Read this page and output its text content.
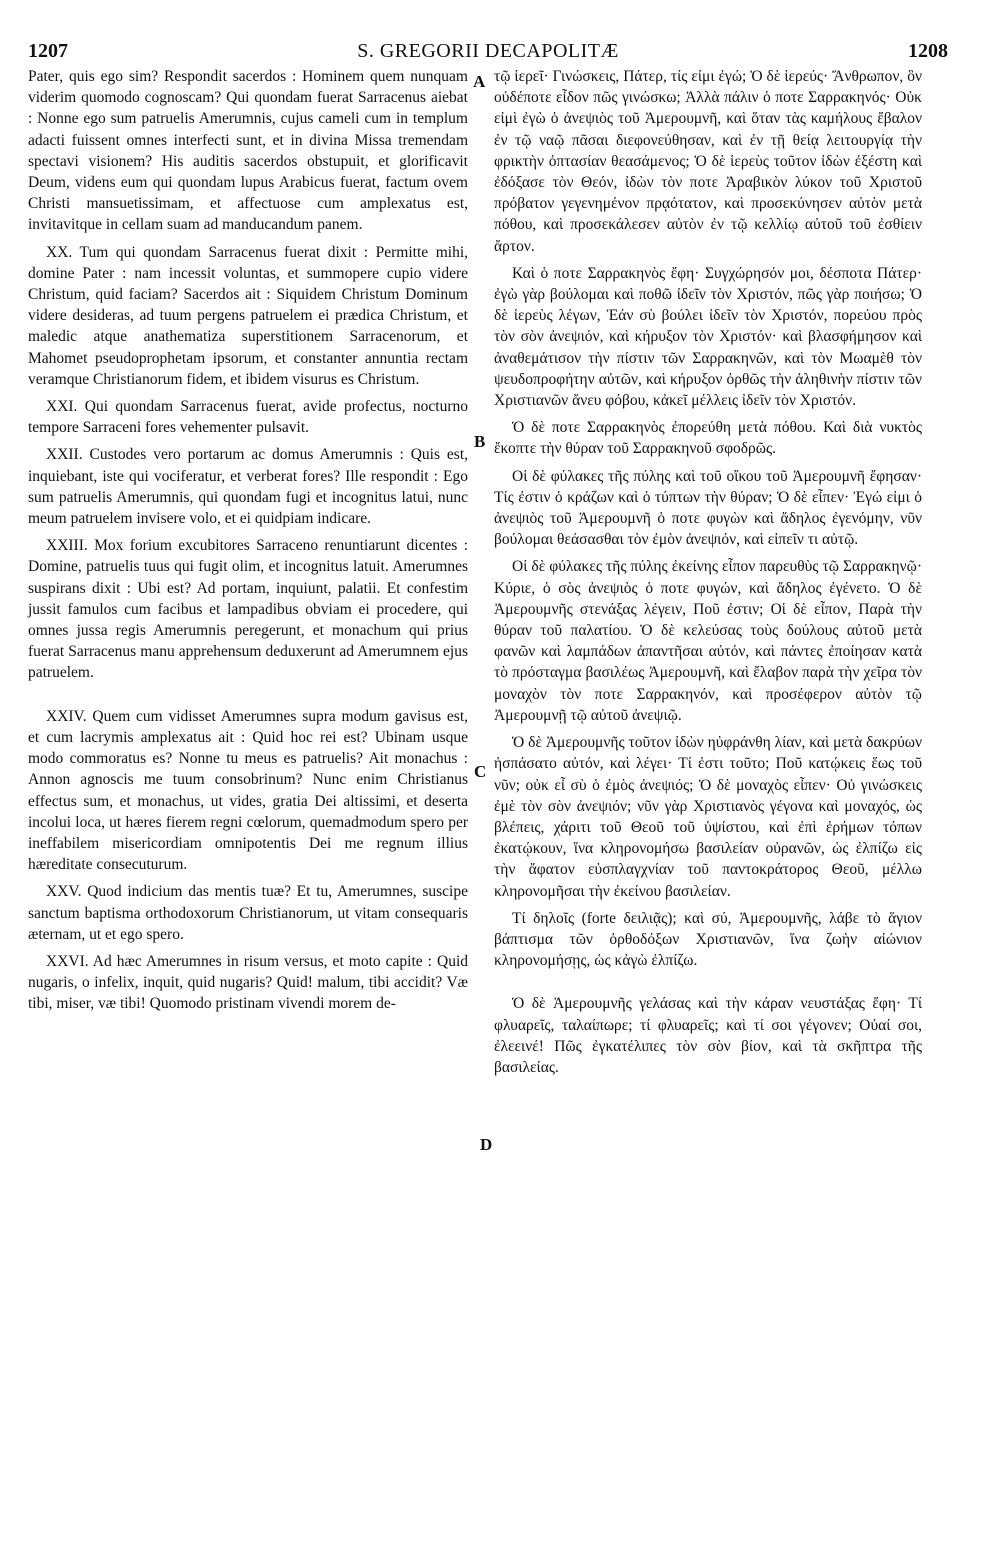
1207	S. GREGORII DECAPOLITÆ	1208
A
B
C
D

Pater, quis ego sim? Respondit sacerdos : Hominem quem nunquam viderim quomodo cognoscam? Qui quondam fuerat Sarracenus aiebat : Nonne ego sum patruelis Amerumnis, cujus cameli cum in templum adacti fuissent omnes interfecti sunt, et in divina Missa tremendam spectavi visionem? His auditis sacerdos obstupuit, et glorificavit Deum, videns eum qui quondam lupus Arabicus fuerat, factum ovem Christi mansuetissimam, et affectuose cum amplexatus est, invitavitque in cellam suam ad manducandum panem.

XX. Tum qui quondam Sarracenus fuerat dixit : Permitte mihi, domine Pater : nam incessit voluntas, et summopere cupio videre Christum, quid faciam? Sacerdos ait : Siquidem Christum Dominum videre desideras, ad tuum pergens patruelem ei prædica Christum, et maledic atque anathematiza superstitionem Sarracenorum, et Mahomet pseudoprophetam ipsorum, et constanter annuntia rectam veramque Christianorum fidem, et ibidem visurus es Christum.

XXI. Qui quondam Sarracenus fuerat, avide profectus, nocturno tempore Sarraceni fores vehementer pulsavit.

XXII. Custodes vero portarum ac domus Amerumnis : Quis est, inquiebant, iste qui vociferatur, et verberat fores? Ille respondit : Ego sum patruelis Amerumnis, qui quondam fugi et incognitus latui, nunc meum patruelem invisere volo, et ei quidpiam indicare.

XXIII. Mox forium excubitores Sarraceno renuntiarunt dicentes : Domine, patruelis tuus qui fugit olim, et incognitus latuit. Amerumnes suspirans dixit : Ubi est? Ad portam, inquiunt, palatii. Et confestim jussit famulos cum facibus et lampadibus obviam ei procedere, qui omnes jussa regis Amerumnis peregerunt, et monachum qui prius fuerat Sarracenus manu apprehensum deduxerunt ad Amerumnem ejus patruelem.

XXIV. Quem cum vidisset Amerumnes supra modum gavisus est, et cum lacrymis amplexatus ait : Quid hoc rei est? Ubinam usque modo commoratus es? Nonne tu meus es patruelis? Ait monachus : Annon agnoscis me tuum consobrinum? Nunc enim Christianus effectus sum, et monachus, ut vides, gratia Dei altissimi, et deserta incolui loca, ut hæres fierem regni cœlorum, quemadmodum spero per ineffabilem misericordiam omnipotentis Dei me regnum illius hæreditate consecuturum.

XXV. Quod indicium das mentis tuæ? Et tu, Amerumnes, suscipe sanctum baptisma orthodoxorum Christianorum, ut vitam consequaris æternam, ut et ego spero.

XXVI. Ad hæc Amerumnes in risum versus, et moto capite : Quid nugaris, o infelix, inquit, quid nugaris? Quid! malum, tibi accidit? Væ tibi, miser, væ tibi! Quomodo pristinam vivendi morem de-

τῷ ἱερεῖ· Γινώσκεις, Πάτερ, τίς εἰμι ἐγώ; Ὁ δὲ ἱερεύς· Ἄνθρωπον, ὃν οὐδέποτε εἶδον πῶς γινώσκω; Ἀλλὰ πάλιν ὁ ποτε Σαρρακηνός· Οὐκ εἰμὶ ἐγὼ ὁ ἀνεψιὸς τοῦ Ἀμερουμνῆ, καὶ ὅταν τὰς καμήλους ἔβαλον ἐν τῷ ναῷ πᾶσαι διεφονεύθησαν, καὶ ἐν τῇ θείᾳ λειτουργίᾳ τὴν φρικτὴν ὀπτασίαν θεασάμενος; Ὁ δὲ ἱερεὺς τοῦτον ἰδὼν ἐξέστη καὶ ἐδόξασε τὸν Θεόν, ἰδὼν τὸν ποτε Ἀραβικὸν λύκον τοῦ Χριστοῦ πρόβατον γεγενημένον πρᾳότατον, καὶ προσεκύνησεν αὐτὸν μετὰ πόθου, καὶ προσεκάλεσεν αὐτὸν ἐν τῷ κελλίῳ αὐτοῦ τοῦ ἐσθίειν ἄρτον.

Καὶ ὁ ποτε Σαρρακηνὸς ἔφη· Συγχώρησόν μοι, δέσποτα Πάτερ· ἐγὼ γὰρ βούλομαι καὶ ποθῶ ἰδεῖν τὸν Χριστόν, πῶς γὰρ ποιήσω; Ὁ δὲ ἱερεὺς λέγων, Ἐάν σὺ βούλει ἰδεῖν τὸν Χριστόν, πορεύου πρὸς τὸν σὸν ἀνεψιόν, καὶ κήρυξον τὸν Χριστόν· καὶ βλασφήμησον καὶ ἀναθεμάτισον τὴν πίστιν τῶν Σαρρακηνῶν, καὶ τὸν Μωαμὲθ τὸν ψευδοπροφήτην αὐτῶν, καὶ κήρυξον ὀρθῶς τὴν ἀληθινὴν πίστιν τῶν Χριστιανῶν ἄνευ φόβου, κἀκεῖ μέλλεις ἰδεῖν τὸν Χριστόν.

Ὁ δὲ ποτε Σαρρακηνὸς ἐπορεύθη μετὰ πόθου. Καὶ διὰ νυκτὸς ἔκοπτε τὴν θύραν τοῦ Σαρρακηνοῦ σφοδρῶς.

Οἱ δὲ φύλακες τῆς πύλης καὶ τοῦ οἴκου τοῦ Ἀμερουμνῆ ἔφησαν· Τίς ἐστιν ὁ κράζων καὶ ὁ τύπτων τὴν θύραν; Ὁ δὲ εἶπεν· Ἐγώ εἰμι ὁ ἀνεψιὸς τοῦ Ἀμερουμνῆ ὁ ποτε φυγὼν καὶ ἄδηλος ἐγενόμην, νῦν βούλομαι θεάσασθαι τὸν ἐμὸν ἀνεψιόν, καὶ εἰπεῖν τι αὐτῷ.

Οἱ δὲ φύλακες τῆς πύλης ἐκείνης εἶπον παρευθὺς τῷ Σαρρακηνῷ· Κύριε, ὁ σὸς ἀνεψιὸς ὁ ποτε φυγών, καὶ ἄδηλος ἐγένετο. Ὁ δὲ Ἀμερουμνῆς στενάξας λέγειν, Ποῦ ἐστιν; Οἱ δὲ εἶπον, Παρὰ τὴν θύραν τοῦ παλατίου. Ὁ δὲ κελεύσας τοὺς δούλους αὐτοῦ μετὰ φανῶν καὶ λαμπάδων ἀπαντῆσαι αὐτόν, καὶ πάντες ἐποίησαν κατὰ τὸ πρόσταγμα βασιλέως Ἀμερουμνῆ, καὶ ἔλαβον παρὰ τὴν χεῖρα τὸν μοναχὸν τὸν ποτε Σαρρακηνόν, καὶ προσέφερον αὐτὸν τῷ Ἀμερουμνῇ τῷ αὐτοῦ ἀνεψιῷ.

Ὁ δὲ Ἀμερουμνῆς τοῦτον ἰδὼν ηὐφράνθη λίαν, καὶ μετὰ δακρύων ἠσπάσατο αὐτόν, καὶ λέγει· Τί ἐστι τοῦτο; Ποῦ κατῴκεις ἕως τοῦ νῦν; οὐκ εἶ σὺ ὁ ἐμὸς ἀνεψιός; Ὁ δὲ μοναχὸς εἶπεν· Οὐ γινώσκεις ἐμὲ τὸν σὸν ἀνεψιόν; νῦν γὰρ Χριστιανὸς γέγονα καὶ μοναχός, ὡς βλέπεις, χάριτι τοῦ Θεοῦ τοῦ ὑψίστου, καὶ ἐπὶ ἐρήμων τόπων ἐκατῴκουν, ἵνα κληρονομήσω βασιλείαν οὐρανῶν, ὡς ἐλπίζω εἰς τὴν ἄφατον εὐσπλαγχνίαν τοῦ παντοκράτορος Θεοῦ, μέλλω κληρονομῆσαι τὴν ἐκείνου βασιλείαν.

Τί δηλοῖς (forte δειλιᾷς); καὶ σύ, Ἀμερουμνῆς, λάβε τὸ ἅγιον βάπτισμα τῶν ὀρθοδόξων Χριστιανῶν, ἵνα ζωὴν αἰώνιον κληρονομήσῃς, ὡς κἀγὼ ἐλπίζω.

Ὁ δὲ Ἀμερουμνῆς γελάσας καὶ τὴν κάραν νευστάξας ἔφη· Τί φλυαρεῖς, ταλαίπωρε; τί φλυαρεῖς; καὶ τί σοι γέγονεν; Οὐαί σοι, ἐλεεινέ! Πῶς ἐγκατέλιπες τὸν σὸν βίον, καὶ τὰ σκῆπτρα τῆς βασιλείας.
